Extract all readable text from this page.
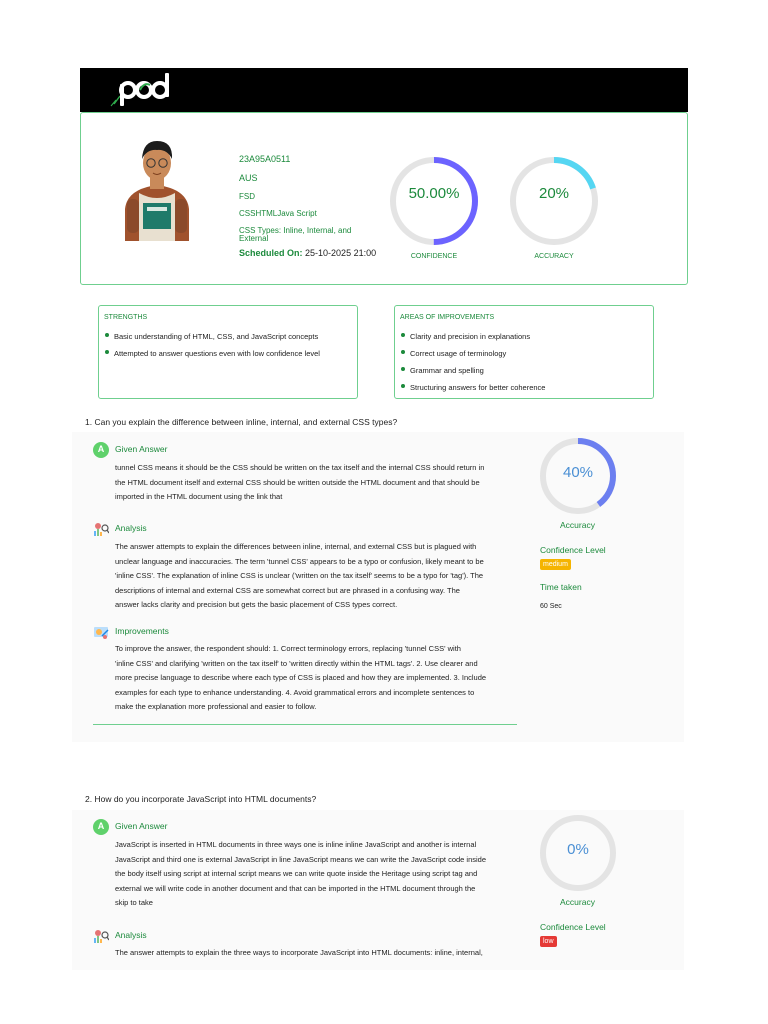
23A95A0511
AUS
FSD
CSSHTMLJava Script
CSS Types: Inline, Internal, and
External
Scheduled On: 25-10-2025 21:00
50.00%
CONFIDENCE
20%
ACCURACY
STRENGTHS
Basic understanding of HTML, CSS, and JavaScript concepts
Attempted to answer questions even with low confidence level
AREAS OF IMPROVEMENTS
Clarity and precision in explanations
Correct usage of terminology
Grammar and spelling
Structuring answers for better coherence
1. Can you explain the difference between inline, internal, and external CSS types?
A	Given Answer
tunnel CSS means it should be the CSS should be written on the tax itself and the internal CSS should return in
the HTML document itself and external CSS should be written outside the HTML document and that should be
imported in the HTML document using the link that
Analysis
The answer attempts to explain the differences between inline, internal, and external CSS but is plagued with
unclear language and inaccuracies. The term 'tunnel CSS' appears to be a typo or confusion, likely meant to be
'inline CSS'. The explanation of inline CSS is unclear ('written on the tax itself' seems to be a typo for 'tag'). The
descriptions of internal and external CSS are somewhat correct but are phrased in a confusing way. The
answer lacks clarity and precision but gets the basic placement of CSS types correct.
Improvements
To improve the answer, the respondent should: 1. Correct terminology errors, replacing 'tunnel CSS' with
'inline CSS' and clarifying 'written on the tax itself' to 'written directly within the HTML tags'. 2. Use clearer and
more precise language to describe where each type of CSS is placed and how they are implemented. 3. Include
examples for each type to enhance understanding. 4. Avoid grammatical errors and incomplete sentences to
make the explanation more professional and easier to follow.
40%
Accuracy
Confidence Level
medium
Time taken
60 Sec
2. How do you incorporate JavaScript into HTML documents?
A	Given Answer
JavaScript is inserted in HTML documents in three ways one is inline inline JavaScript and another is internal
JavaScript and third one is external JavaScript in line JavaScript means we can write the JavaScript code inside
the body itself using script at internal script means we can write quote inside the Heritage using script tag and
external we will write code in another document and that can be imported in the HTML document through the
skip to take
Analysis
The answer attempts to explain the three ways to incorporate JavaScript into HTML documents: inline, internal,
0%
Accuracy
Confidence Level
low
